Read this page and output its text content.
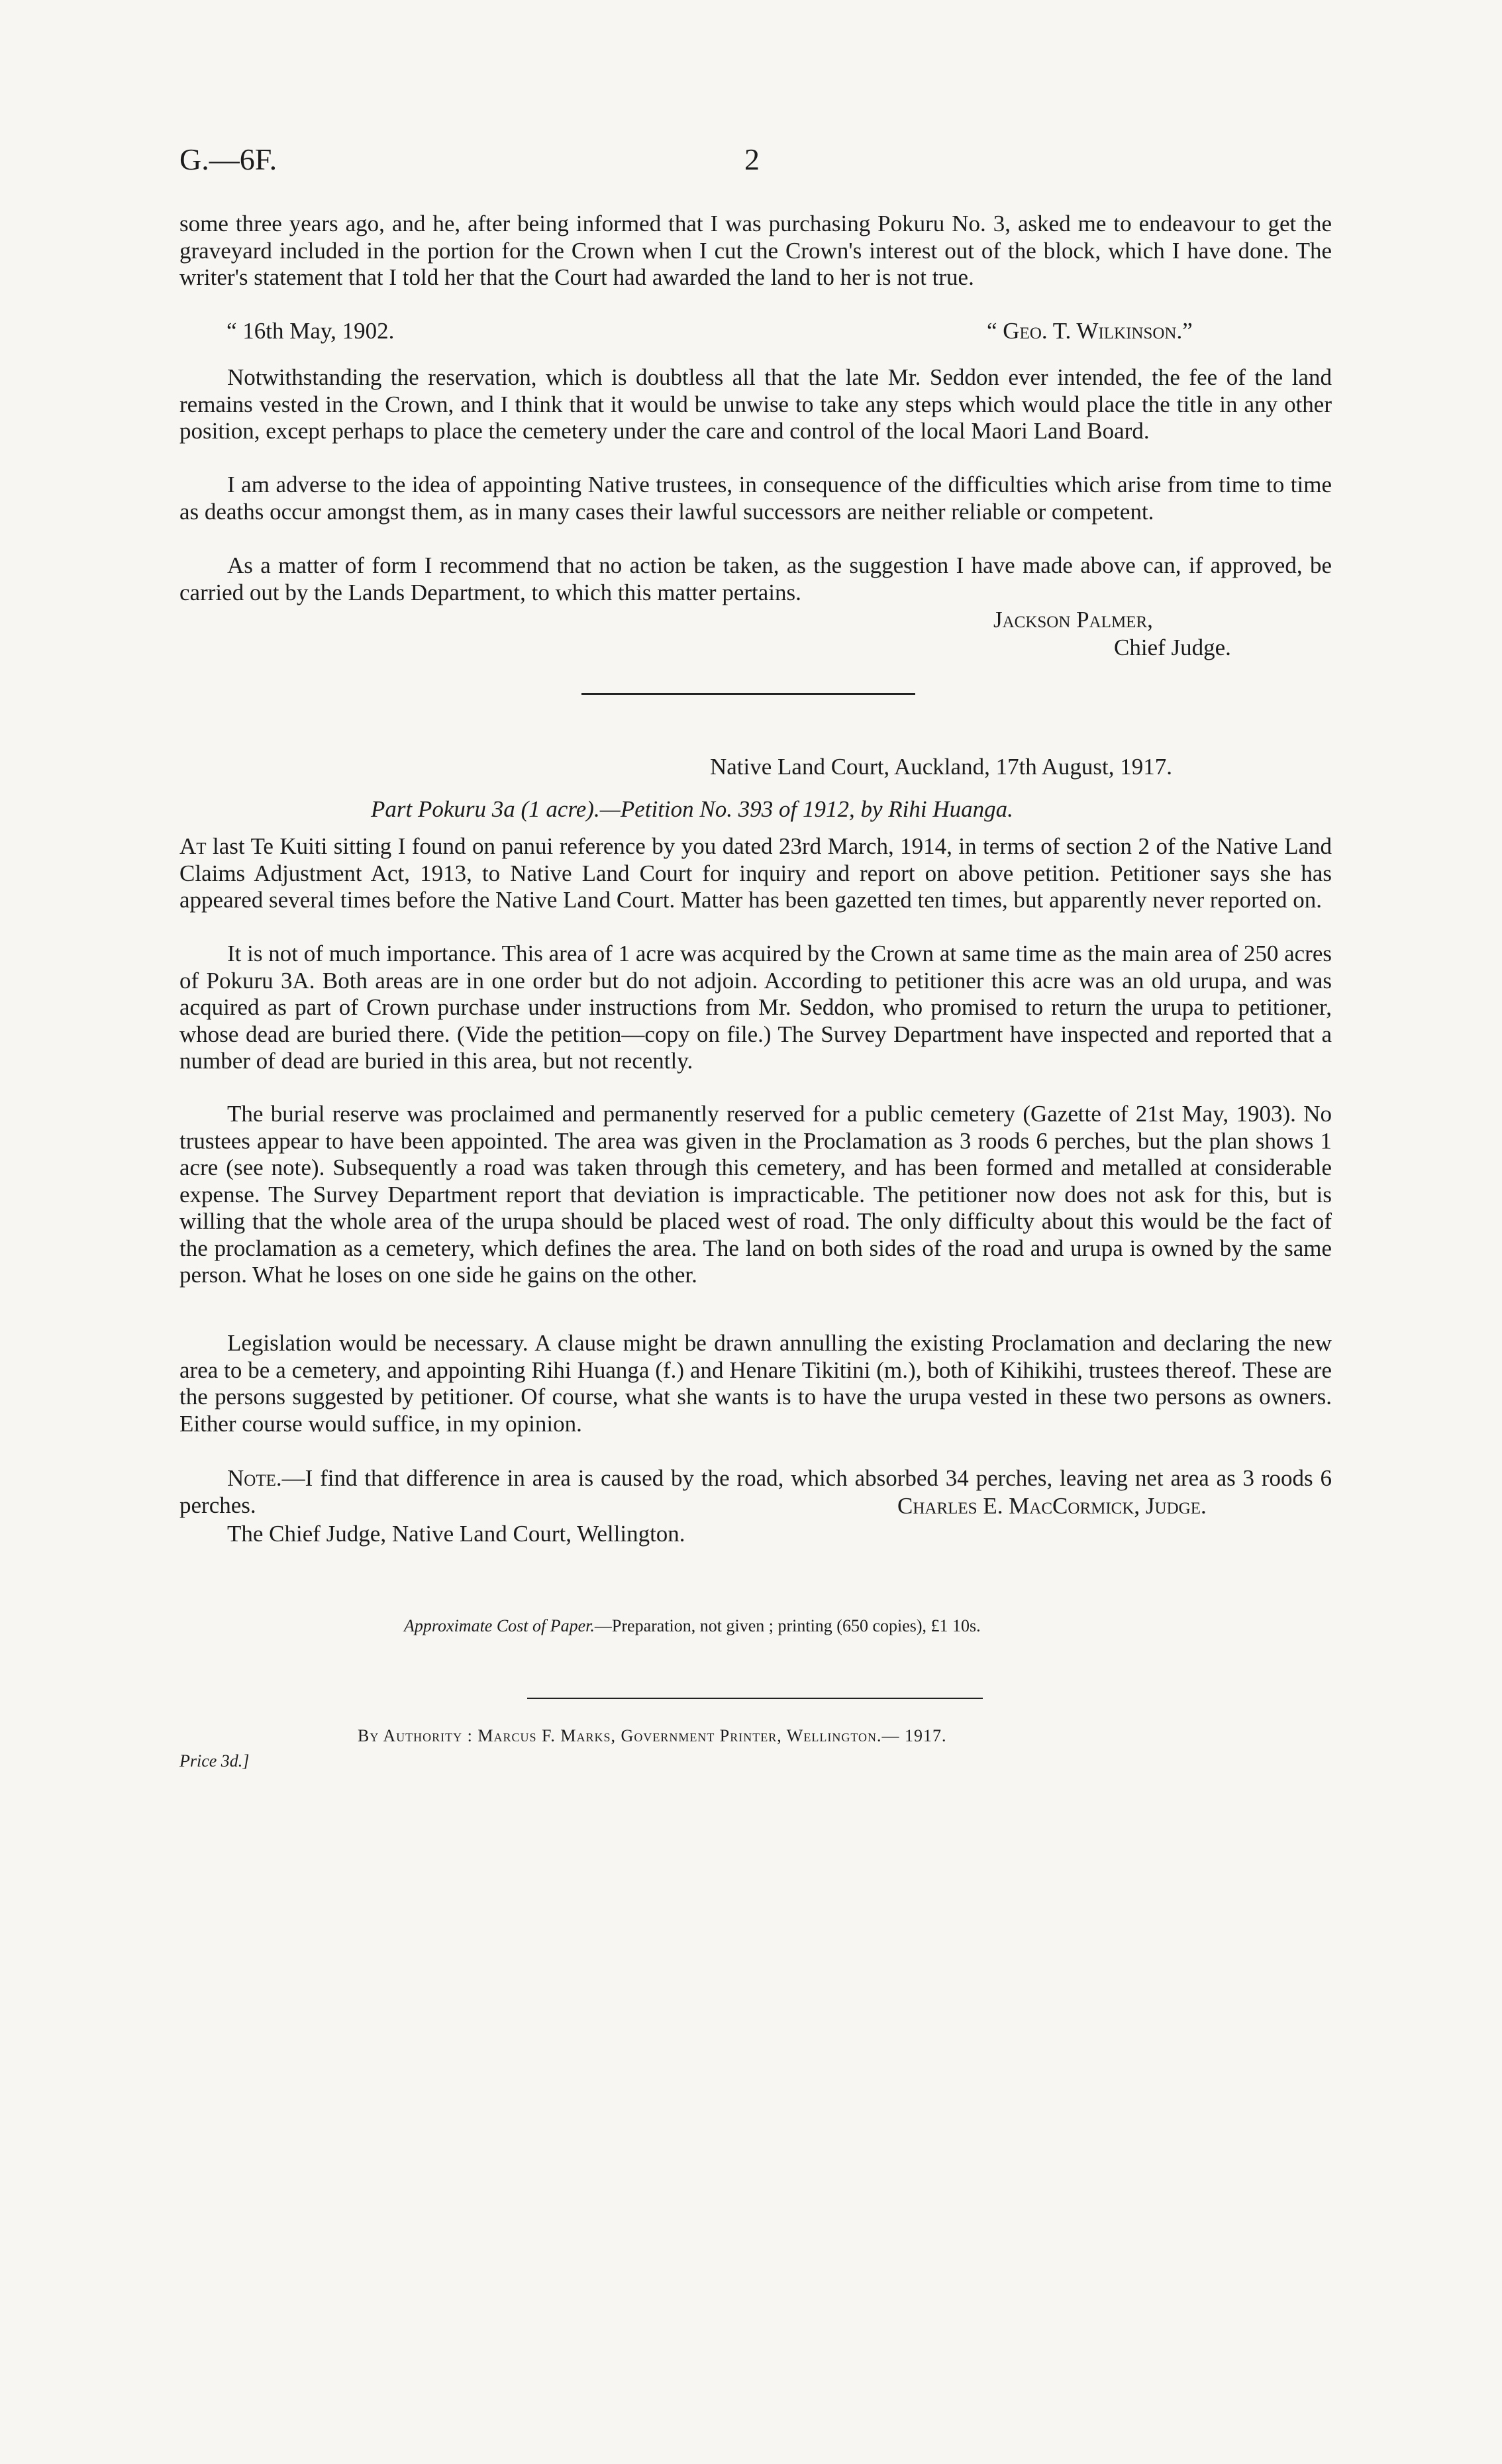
G.—6F.	2

some three years ago, and he, after being informed that I was purchasing Pokuru No. 3, asked me to endeavour to get the graveyard included in the portion for the Crown when I cut the Crown's interest out of the block, which I have done. The writer's statement that I told her that the Court had awarded the land to her is not true.

“ 16th May, 1902.	“ Geo. T. Wilkinson.”

Notwithstanding the reservation, which is doubtless all that the late Mr. Seddon ever intended, the fee of the land remains vested in the Crown, and I think that it would be unwise to take any steps which would place the title in any other position, except perhaps to place the cemetery under the care and control of the local Maori Land Board.

I am adverse to the idea of appointing Native trustees, in consequence of the difficulties which arise from time to time as deaths occur amongst them, as in many cases their lawful successors are neither reliable or competent.

As a matter of form I recommend that no action be taken, as the suggestion I have made above can, if approved, be carried out by the Lands Department, to which this matter pertains.

Jackson Palmer,
Chief Judge.
Native Land Court, Auckland, 17th August, 1917.
Part Pokuru 3a (1 acre).—Petition No. 393 of 1912, by Rihi Huanga.

At last Te Kuiti sitting I found on panui reference by you dated 23rd March, 1914, in terms of section 2 of the Native Land Claims Adjustment Act, 1913, to Native Land Court for inquiry and report on above petition. Petitioner says she has appeared several times before the Native Land Court. Matter has been gazetted ten times, but apparently never reported on.

It is not of much importance. This area of 1 acre was acquired by the Crown at same time as the main area of 250 acres of Pokuru 3A. Both areas are in one order but do not adjoin. According to petitioner this acre was an old urupa, and was acquired as part of Crown purchase under instructions from Mr. Seddon, who promised to return the urupa to petitioner, whose dead are buried there. (Vide the petition—copy on file.) The Survey Department have inspected and reported that a number of dead are buried in this area, but not recently.

The burial reserve was proclaimed and permanently reserved for a public cemetery (Gazette of 21st May, 1903). No trustees appear to have been appointed. The area was given in the Proclamation as 3 roods 6 perches, but the plan shows 1 acre (see note). Subsequently a road was taken through this cemetery, and has been formed and metalled at considerable expense. The Survey Department report that deviation is impracticable. The petitioner now does not ask for this, but is willing that the whole area of the urupa should be placed west of road. The only difficulty about this would be the fact of the proclamation as a cemetery, which defines the area. The land on both sides of the road and urupa is owned by the same person. What he loses on one side he gains on the other.

Legislation would be necessary. A clause might be drawn annulling the existing Proclamation and declaring the new area to be a cemetery, and appointing Rihi Huanga (f.) and Henare Tikitini (m.), both of Kihikihi, trustees thereof. These are the persons suggested by petitioner. Of course, what she wants is to have the urupa vested in these two persons as owners. Either course would suffice, in my opinion.

Note.—I find that difference in area is caused by the road, which absorbed 34 perches, leaving net area as 3 roods 6 perches.	Charles E. MacCormick, Judge.
The Chief Judge, Native Land Court, Wellington.
Approximate Cost of Paper.—Preparation, not given ; printing (650 copies), £1 10s.
By Authority : Marcus F. Marks, Government Printer, Wellington.— 1917.
Price 3d.]
